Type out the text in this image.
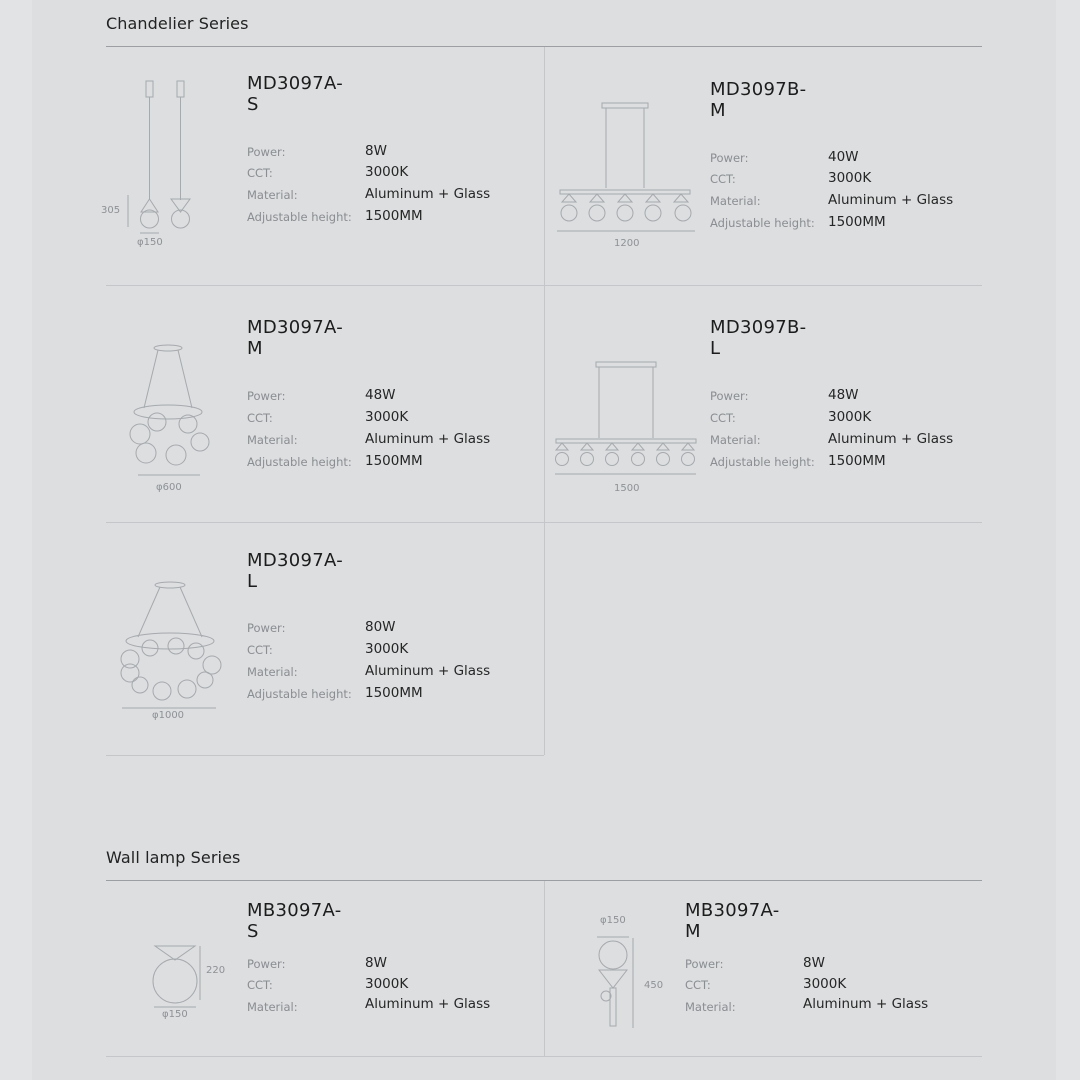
Chandelier Series
305
φ150
MD3097A-S
Power:	8W
CCT:	3000K
Material:	Aluminum + Glass
Adjustable height: 1500MM
1200
MD3097B-M
Power:	40W
CCT:	3000K
Material:	Aluminum + Glass
Adjustable height: 1500MM
φ600
MD3097A-M
Power:	48W
CCT:	3000K
Material:	Aluminum + Glass
Adjustable height: 1500MM
1500
MD3097B-L
Power:	48W
CCT:	3000K
Material:	Aluminum + Glass
Adjustable height: 1500MM
φ1000
MD3097A-L
Power:	80W
CCT:	3000K
Material:	Aluminum + Glass
Adjustable height: 1500MM
Wall lamp Series
220
φ150
MB3097A-S
Power:	8W
CCT:	3000K
Material:	Aluminum + Glass
φ150
450
MB3097A-M
Power:	8W
CCT:	3000K
Material:	Aluminum + Glass
